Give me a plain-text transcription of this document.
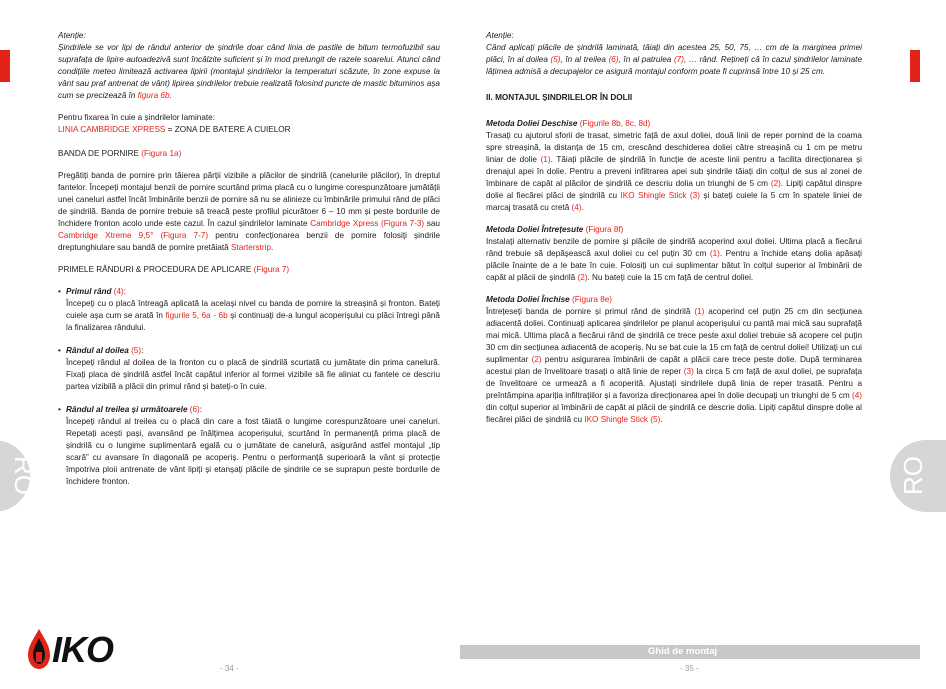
Atenție:
Șindrilele se vor lipi de rândul anterior de șindrile doar când linia de pastile de bitum termofuzibil sau suprafața de lipire autoadezivă sunt încălzite suficient și în mod prelungit de razele soarelui. Atunci când condițiile meteo limitează activarea lipirii (montajul șindrilelor la temperaturi scăzute, în zone expuse la vânt sau praf antrenat de vânt) lipirea șindrilelor trebuie realizată folosind puncte de mastic bituminos așa cum se precizează în figura 6b.

Pentru fixarea în cuie a șindrilelor laminate:
LINIA CAMBRIDGE XPRESS = ZONA DE BATERE A CUIELOR

BANDA DE PORNIRE (Figura 1a)

Pregătiți banda de pornire prin tăierea părții vizibile a plăcilor de șindrilă (canelurile plăcilor), în dreptul fantelor. Începeți montajul benzii de pornire scurtând prima placă cu o lungime corespunzătoare jumătății unei caneluri astfel încât îmbinările benzii de pornire să nu se alinieze cu îmbinările primului rând de plăci de șindrilă. Banda de pornire trebuie să treacă peste profilul picurătoer 6 – 10 mm și peste bordurile de închidere fronton acolo unde este cazul. În cazul șindrilelor laminate Cambridge Xpress (Figura 7-3) sau Cambridge Xtreme 9,5° (Figura 7-7) pentru confecționarea benzii de pornire folosiți șindrile dreptunghiulare sau bandă de pornire pretăiată Starterstrip.

PRIMELE RÂNDURI & PROCEDURA DE APLICARE (Figura 7)

• Primul rând (4):
Începeți cu o placă întreagă aplicată la același nivel cu banda de pornire la streașină și fronton. Bateți cuiele așa cum se arată în figurile 5, 6a - 6b și continuați de-a lungul acoperișului cu plăci întregi până la finalizarea rândului.

• Rândul al doilea (5):
Începeți rândul al doilea de la fronton cu o placă de șindrilă scurtată cu jumătate din prima canelură. Fixați placa de șindrilă astfel încât capătul inferior al formei vizibile să fie aliniat cu fantele ce descriu partea vizibilă a plăcii din primul rând și bateți-o în cuie.

• Rândul al treilea și următoarele (6):
Începeți rândul al treilea cu o placă din care a fost tăiată o lungime corespunzătoare unei caneluri. Repetați acești pași, avansând pe înălțimea acoperișului, scurtând în permanență prima placă de șindrilă cu o lungime suplimentară egală cu o jumătate de canelură, asigurând astfel montajul „tip scară” cu avansare în diagonală pe acoperiș. Pentru o performanță superioară la vânt și protecție împotriva ploii antrenate de vânt lipiți și etanșați plăcile de șindrile ce se suprapun peste bordurile de închidere fronton.

Atenție:
Când aplicați plăcile de șindrilă laminată, tăiați din acestea 25, 50, 75, … cm de la marginea primei plăci, în al doilea (5), în al treilea (6), în al patrulea (7), … rând. Rețineți că în cazul șindrilelor laminate lățimea admisă a decupajelor ce asigură montajul conform poate fi cuprinsă între 10 și 25 cm.

II. MONTAJUL ȘINDRILELOR ÎN DOLII

Metoda Doliei Deschise (Figurile 8b, 8c, 8d)
Trasați cu ajutorul sforii de trasat, simetric față de axul doliei, două linii de reper pornind de la coama spre streașină, la distanța de 15 cm, crescând deschiderea doliei către streașină cu 1 cm pe metru liniar de dolie (1). Tăiați plăcile de șindrilă în funcție de aceste linii pentru a facilita direcționarea și drenajul apei în dolie. Pentru a preveni infiltrarea apei sub șindrile tăiați din colțul de sus al zonei de îmbinare de capăt al plăcilor de șindrilă ce descriu dolia un triunghi de 5 cm (2). Lipiți capătul dinspre dolie al fiecărei plăci de șindrilă cu IKO Shingle Stick (3) și bateți cuiele la 5 cm în spatele liniei de marcaj trasată cu cretă (4).

Metoda Doliei Întrețesute (Figura 8f)
Instalați alternativ benzile de pornire și plăcile de șindrilă acoperind axul doliei. Ultima placă a fiecărui rând trebuie să depășească axul doliei cu cel puțin 30 cm (1). Pentru a închide etanș dolia apăsați plăcile înainte de a le bate în cuie. Folosiți un cui suplimentar bătut în colțul superior al îmbinării de capăt al plăcii de șindrilă (2). Nu bateți cuie la 15 cm față de centrul doliei.

Metoda Doliei Închise (Figura 8e)
Întrețeseți banda de pornire și primul rând de șindrilă (1) acoperind cel puțin 25 cm din secțiunea adiacentă doliei. Continuați aplicarea șindrilelor pe planul acoperișului cu pantă mai mică sau suprafață mai mică. Ultima placă a fiecărui rând de șindrilă ce trece peste axul doliei trebuie să acopere cel puțin 30 cm din secțiunea adiacentă de acoperiș. Nu se bat cuie la 15 cm față de centrul doliei! Utilizați un cui suplimentar (2) pentru asigurarea îmbinării de capăt a plăcii care trece peste dolie. După terminarea acestui plan de învelitoare trasați o altă linie de reper (3) la circa 5 cm față de axul doliei, pe suprafața de învelitoare ce urmează a fi acoperită. Ajustați sindrilele după linia de reper trasată. Pentru a preîntâmpina apariția infiltrațiilor și a favoriza direcționarea apei în dolie decupați un triunghi de 5 cm (4) din colțul superior al îmbinării de capăt al plăcii de șindrilă ce descrie dolia. Lipiți capătul dinspre dolie al fiecărei plăci de șindrilă cu IKO Shingle Stick (5).

RO	RO
IKO	Ghid de montaj
- 34 -	- 35 -
